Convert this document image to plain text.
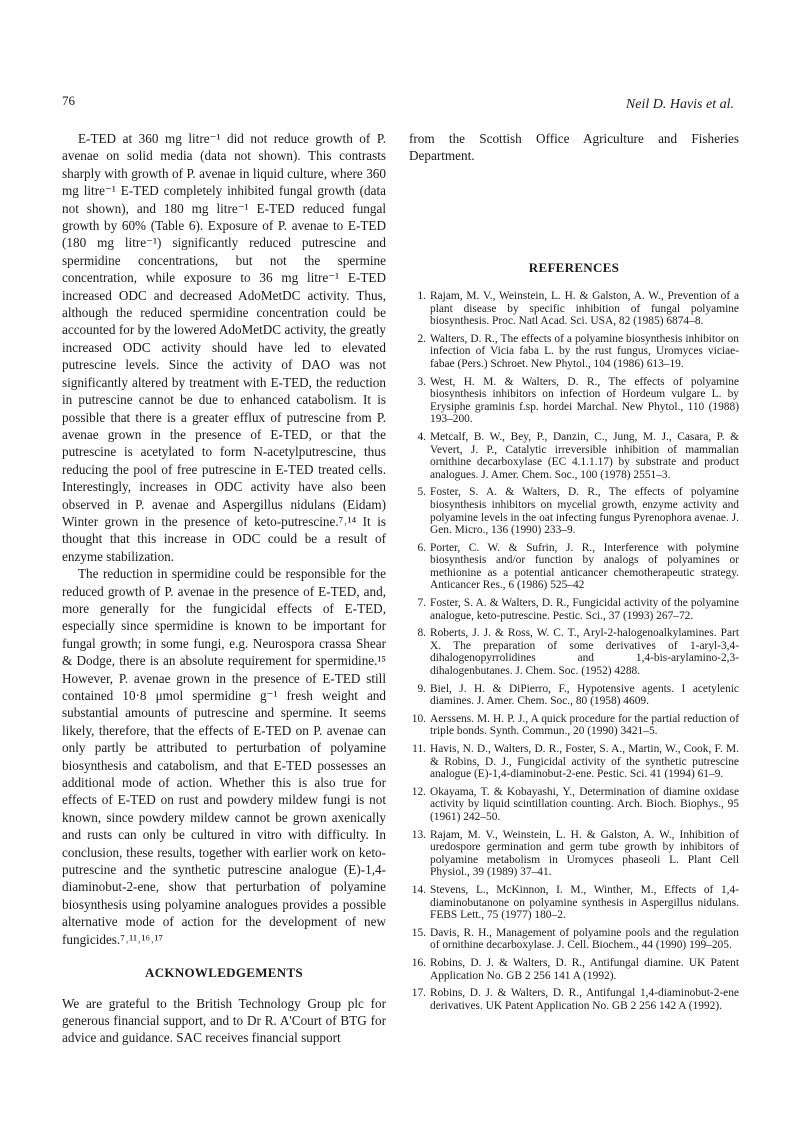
76	Neil D. Havis et al.

E-TED at 360 mg litre⁻¹ did not reduce growth of P. avenae on solid media (data not shown). This contrasts sharply with growth of P. avenae in liquid culture, where 360 mg litre⁻¹ E-TED completely inhibited fungal growth (data not shown), and 180 mg litre⁻¹ E-TED reduced fungal growth by 60% (Table 6). Exposure of P. avenae to E-TED (180 mg litre⁻¹) significantly reduced putrescine and spermidine concentrations, but not the spermine concentration, while exposure to 36 mg litre⁻¹ E-TED increased ODC and decreased AdoMetDC activity. Thus, although the reduced spermidine concentration could be accounted for by the lowered AdoMetDC activity, the greatly increased ODC activity should have led to elevated putrescine levels. Since the activity of DAO was not significantly altered by treatment with E-TED, the reduction in putrescine cannot be due to enhanced catabolism. It is possible that there is a greater efflux of putrescine from P. avenae grown in the presence of E-TED, or that the putrescine is acetylated to form N-acetylputrescine, thus reducing the pool of free putrescine in E-TED treated cells. Interestingly, increases in ODC activity have also been observed in P. avenae and Aspergillus nidulans (Eidam) Winter grown in the presence of keto-putrescine.⁷˒¹⁴ It is thought that this increase in ODC could be a result of enzyme stabilization.

The reduction in spermidine could be responsible for the reduced growth of P. avenae in the presence of E-TED, and, more generally for the fungicidal effects of E-TED, especially since spermidine is known to be important for fungal growth; in some fungi, e.g. Neurospora crassa Shear & Dodge, there is an absolute requirement for spermidine.¹⁵ However, P. avenae grown in the presence of E-TED still contained 10·8 μmol spermidine g⁻¹ fresh weight and substantial amounts of putrescine and spermine. It seems likely, therefore, that the effects of E-TED on P. avenae can only partly be attributed to perturbation of polyamine biosynthesis and catabolism, and that E-TED possesses an additional mode of action. Whether this is also true for effects of E-TED on rust and powdery mildew fungi is not known, since powdery mildew cannot be grown axenically and rusts can only be cultured in vitro with difficulty. In conclusion, these results, together with earlier work on keto-putrescine and the synthetic putrescine analogue (E)-1,4-diaminobut-2-ene, show that perturbation of polyamine biosynthesis using polyamine analogues provides a possible alternative mode of action for the development of new fungicides.⁷˒¹¹˒¹⁶˒¹⁷

ACKNOWLEDGEMENTS
We are grateful to the British Technology Group plc for generous financial support, and to Dr R. A'Court of BTG for advice and guidance. SAC receives financial support

from the Scottish Office Agriculture and Fisheries Department.

REFERENCES
1. Rajam, M. V., Weinstein, L. H. & Galston, A. W., Prevention of a plant disease by specific inhibition of fungal polyamine biosynthesis. Proc. Natl Acad. Sci. USA, 82 (1985) 6874–8.
2. Walters, D. R., The effects of a polyamine biosynthesis inhibitor on infection of Vicia faba L. by the rust fungus, Uromyces viciae-fabae (Pers.) Schroet. New Phytol., 104 (1986) 613–19.
3. West, H. M. & Walters, D. R., The effects of polyamine biosynthesis inhibitors on infection of Hordeum vulgare L. by Erysiphe graminis f.sp. hordei Marchal. New Phytol., 110 (1988) 193–200.
4. Metcalf, B. W., Bey, P., Danzin, C., Jung, M. J., Casara, P. & Vevert, J. P., Catalytic irreversible inhibition of mammalian ornithine decarboxylase (EC 4.1.1.17) by substrate and product analogues. J. Amer. Chem. Soc., 100 (1978) 2551–3.
5. Foster, S. A. & Walters, D. R., The effects of polyamine biosynthesis inhibitors on mycelial growth, enzyme activity and polyamine levels in the oat infecting fungus Pyrenophora avenae. J. Gen. Micro., 136 (1990) 233–9.
6. Porter, C. W. & Sufrin, J. R., Interference with polymine biosynthesis and/or function by analogs of polyamines or methionine as a potential anticancer chemotherapeutic strategy. Anticancer Res., 6 (1986) 525–42
7. Foster, S. A. & Walters, D. R., Fungicidal activity of the polyamine analogue, keto-putrescine. Pestic. Sci., 37 (1993) 267–72.
8. Roberts, J. J. & Ross, W. C. T., Aryl-2-halogenoalkylamines. Part X. The preparation of some derivatives of 1-aryl-3,4-dihalogenopyrrolidines and 1,4-bis-arylamino-2,3-dihalogenbutanes. J. Chem. Soc. (1952) 4288.
9. Biel, J. H. & DiPierro, F., Hypotensive agents. I acetylenic diamines. J. Amer. Chem. Soc., 80 (1958) 4609.
10. Aerssens. M. H. P. J., A quick procedure for the partial reduction of triple bonds. Synth. Commun., 20 (1990) 3421–5.
11. Havis, N. D., Walters, D. R., Foster, S. A., Martin, W., Cook, F. M. & Robins, D. J., Fungicidal activity of the synthetic putrescine analogue (E)-1,4-diaminobut-2-ene. Pestic. Sci. 41 (1994) 61–9.
12. Okayama, T. & Kobayashi, Y., Determination of diamine oxidase activity by liquid scintillation counting. Arch. Bioch. Biophys., 95 (1961) 242–50.
13. Rajam, M. V., Weinstein, L. H. & Galston, A. W., Inhibition of uredospore germination and germ tube growth by inhibitors of polyamine metabolism in Uromyces phaseoli L. Plant Cell Physiol., 39 (1989) 37–41.
14. Stevens, L., McKinnon, I. M., Winther, M., Effects of 1,4-diaminobutanone on polyamine synthesis in Aspergillus nidulans. FEBS Lett., 75 (1977) 180–2.
15. Davis, R. H., Management of polyamine pools and the regulation of ornithine decarboxylase. J. Cell. Biochem., 44 (1990) 199–205.
16. Robins, D. J. & Walters, D. R., Antifungal diamine. UK Patent Application No. GB 2 256 141 A (1992).
17. Robins, D. J. & Walters, D. R., Antifungal 1,4-diaminobut-2-ene derivatives. UK Patent Application No. GB 2 256 142 A (1992).
